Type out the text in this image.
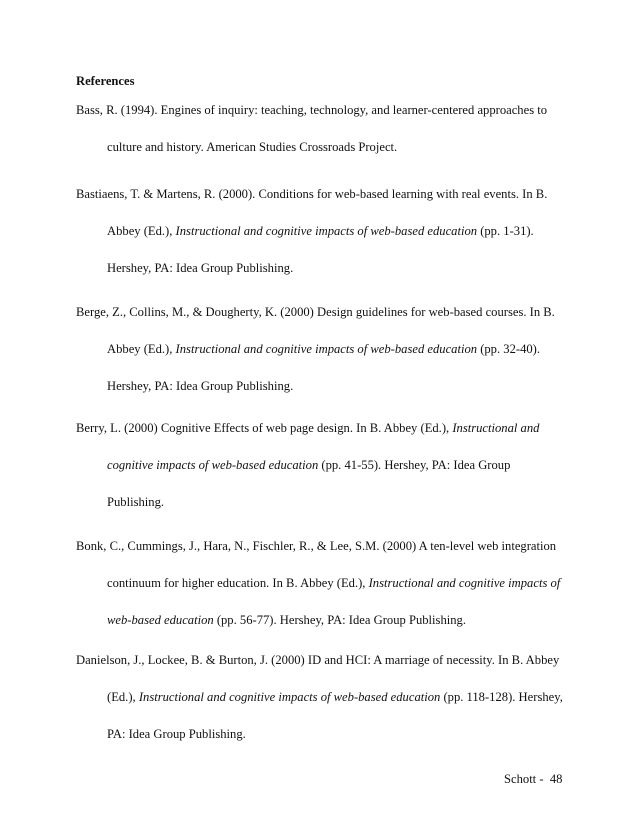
References
Bass, R. (1994). Engines of inquiry: teaching, technology, and learner-centered approaches to
culture and history. American Studies Crossroads Project.
Bastiaens, T. & Martens, R. (2000). Conditions for web-based learning with real events. In B.
Abbey (Ed.), Instructional and cognitive impacts of web-based education (pp. 1-31).
Hershey, PA: Idea Group Publishing.
Berge, Z., Collins, M., & Dougherty, K. (2000) Design guidelines for web-based courses. In B.
Abbey (Ed.), Instructional and cognitive impacts of web-based education (pp. 32-40).
Hershey, PA: Idea Group Publishing.
Berry, L. (2000) Cognitive Effects of web page design. In B. Abbey (Ed.), Instructional and
cognitive impacts of web-based education (pp. 41-55). Hershey, PA: Idea Group
Publishing.
Bonk, C., Cummings, J., Hara, N., Fischler, R., & Lee, S.M. (2000) A ten-level web integration
continuum for higher education. In B. Abbey (Ed.), Instructional and cognitive impacts of
web-based education (pp. 56-77). Hershey, PA: Idea Group Publishing.
Danielson, J., Lockee, B. & Burton, J. (2000) ID and HCI: A marriage of necessity. In B. Abbey
(Ed.), Instructional and cognitive impacts of web-based education (pp. 118-128). Hershey,
PA: Idea Group Publishing.
Schott -  48
